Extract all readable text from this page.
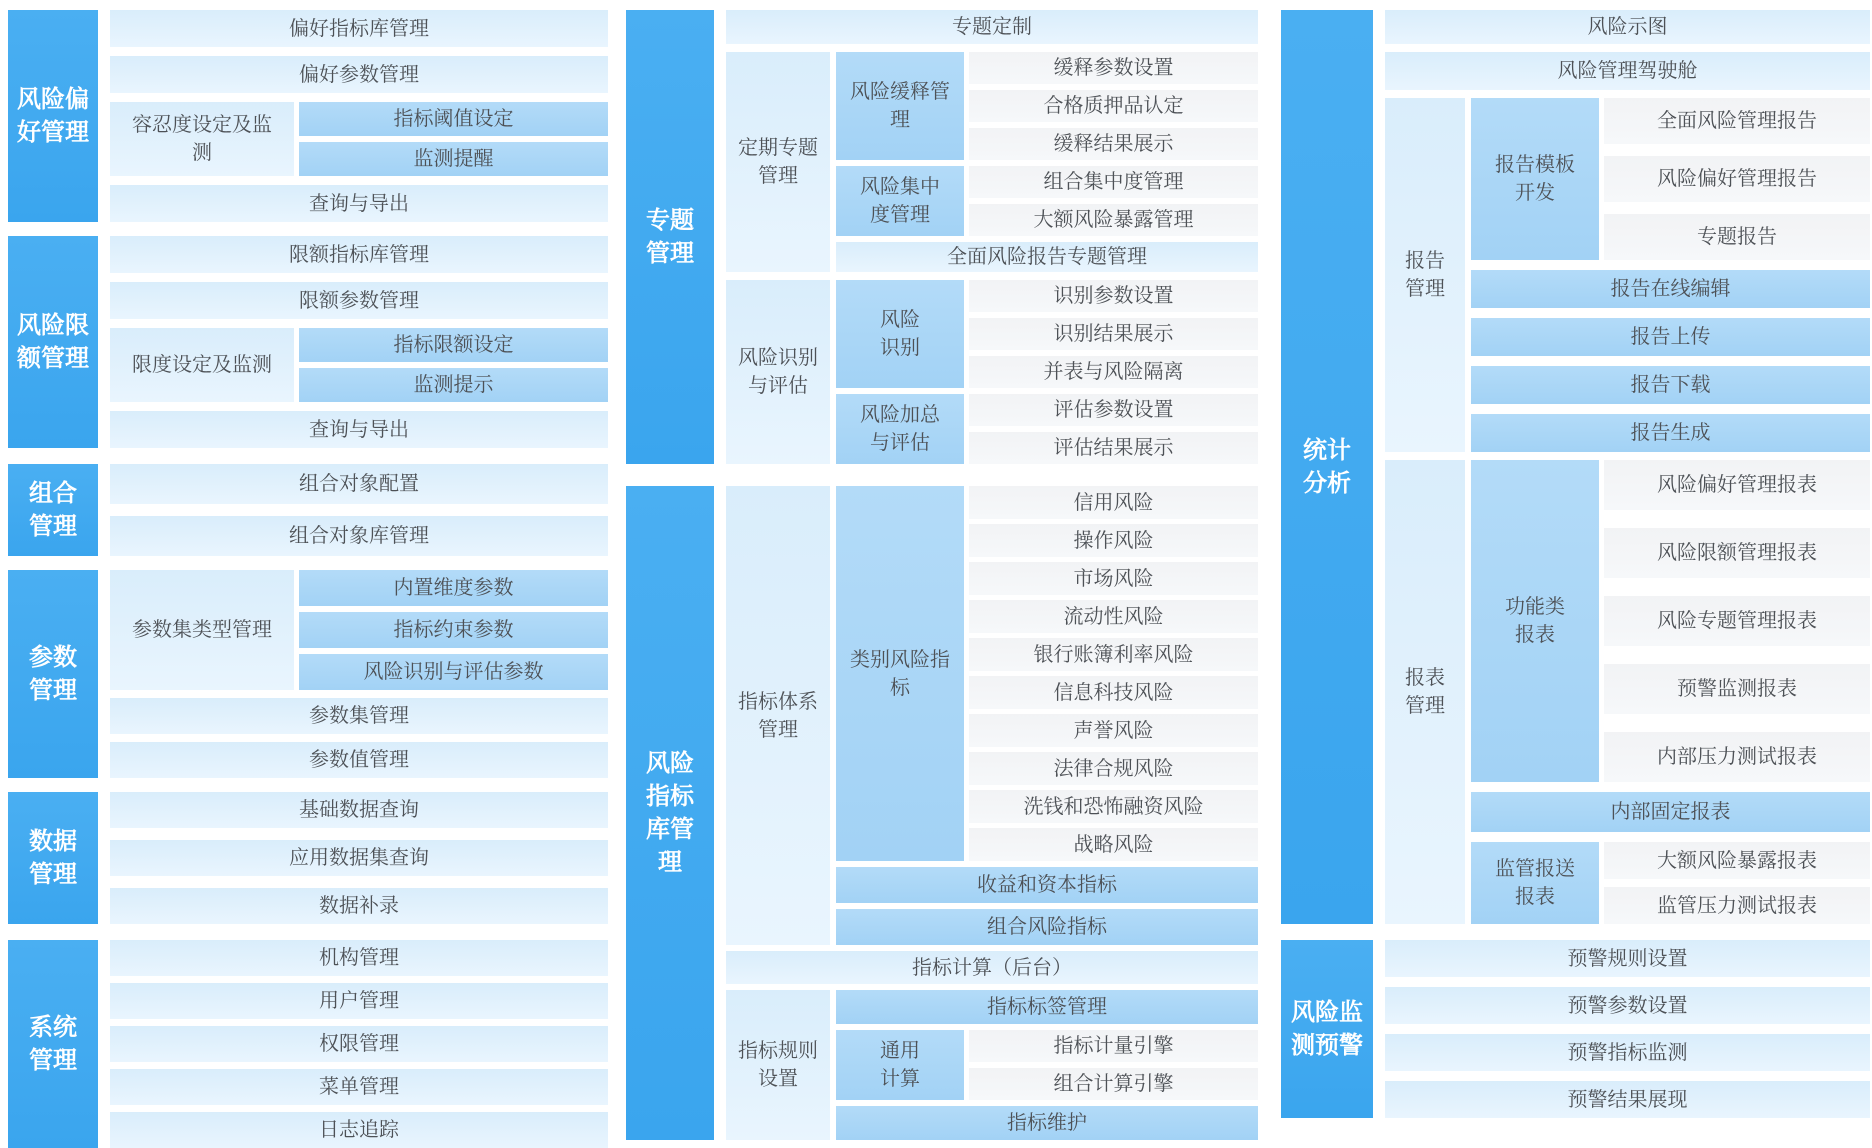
风险偏好管理
偏好指标库管理
偏好参数管理
容忍度设定及监测
指标阈值设定
监测提醒
查询与导出
风险限额管理
限额指标库管理
限额参数管理
限度设定及监测
指标限额设定
监测提示
查询与导出
组合管理
组合对象配置
组合对象库管理
参数管理
参数集类型管理
内置维度参数
指标约束参数
风险识别与评估参数
参数集管理
参数值管理
数据管理
基础数据查询
应用数据集查询
数据补录
系统管理
机构管理
用户管理
权限管理
菜单管理
日志追踪
专题管理
专题定制
定期专题管理
风险缓释管理
缓释参数设置
合格质押品认定
缓释结果展示
风险集中度管理
组合集中度管理
大额风险暴露管理
全面风险报告专题管理
风险识别与评估
风险识别
识别参数设置
识别结果展示
并表与风险隔离
风险加总与评估
评估参数设置
评估结果展示
风险指标库管理
指标体系管理
类别风险指标
信用风险
操作风险
市场风险
流动性风险
银行账簿利率风险
信息科技风险
声誉风险
法律合规风险
洗钱和恐怖融资风险
战略风险
收益和资本指标
组合风险指标
指标计算（后台）
指标规则设置
指标标签管理
通用计算
指标计量引擎
组合计算引擎
指标维护
统计分析
风险示图
风险管理驾驶舱
报告管理
报告模板开发
全面风险管理报告
风险偏好管理报告
专题报告
报告在线编辑
报告上传
报告下载
报告生成
报表管理
功能类报表
风险偏好管理报表
风险限额管理报表
风险专题管理报表
预警监测报表
内部压力测试报表
内部固定报表
监管报送报表
大额风险暴露报表
监管压力测试报表
风险监测预警
预警规则设置
预警参数设置
预警指标监测
预警结果展现
